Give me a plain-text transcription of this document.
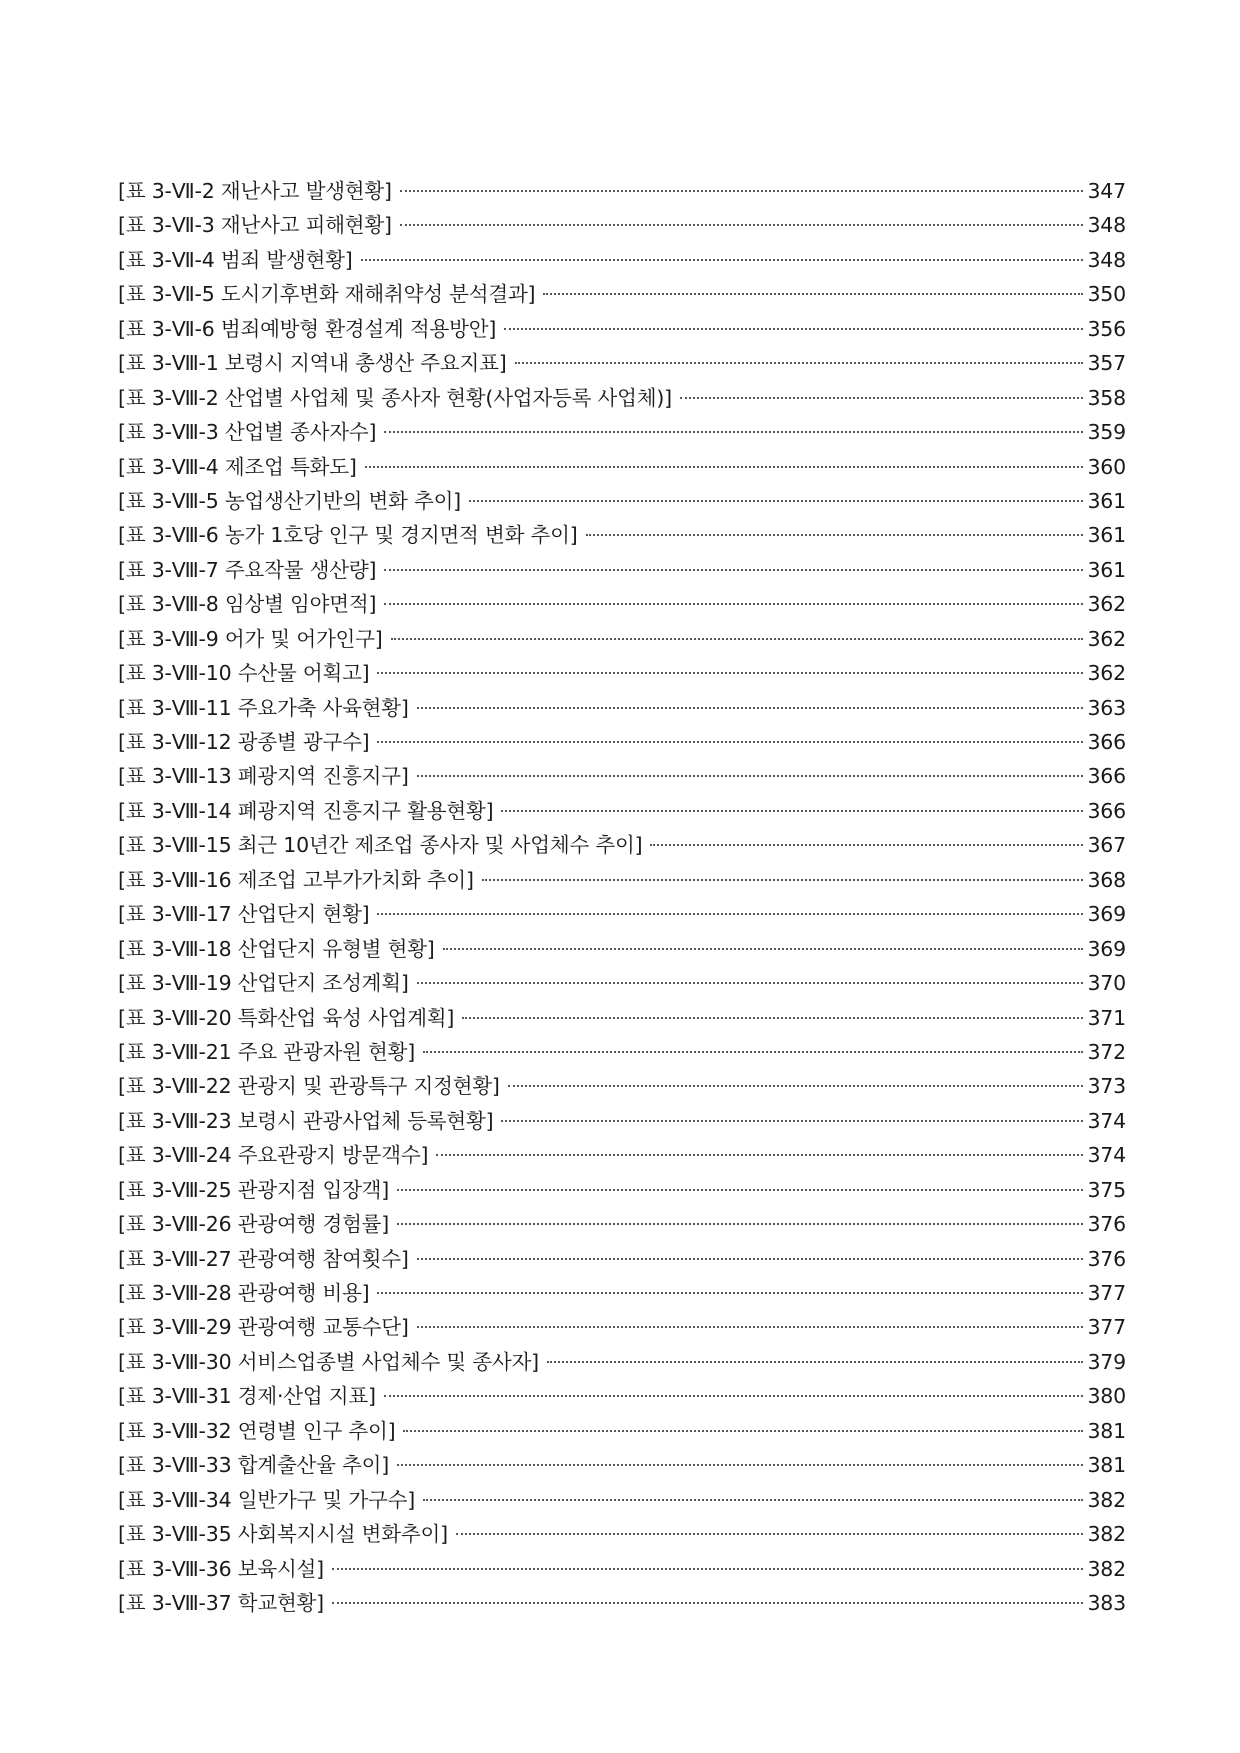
[표 3-Ⅶ-2 재난사고 발생현황]	347
[표 3-Ⅶ-3 재난사고 피해현황]	348
[표 3-Ⅶ-4 범죄 발생현황]	348
[표 3-Ⅶ-5 도시기후변화 재해취약성 분석결과]	350
[표 3-Ⅶ-6 범죄예방형 환경설계 적용방안]	356
[표 3-Ⅷ-1 보령시 지역내 총생산 주요지표]	357
[표 3-Ⅷ-2 산업별 사업체 및 종사자 현황(사업자등록 사업체)]	358
[표 3-Ⅷ-3 산업별 종사자수]	359
[표 3-Ⅷ-4 제조업 특화도]	360
[표 3-Ⅷ-5 농업생산기반의 변화 추이]	361
[표 3-Ⅷ-6 농가 1호당 인구 및 경지면적 변화 추이]	361
[표 3-Ⅷ-7 주요작물 생산량]	361
[표 3-Ⅷ-8 임상별 임야면적]	362
[표 3-Ⅷ-9 어가 및 어가인구]	362
[표 3-Ⅷ-10 수산물 어획고]	362
[표 3-Ⅷ-11 주요가축 사육현황]	363
[표 3-Ⅷ-12 광종별 광구수]	366
[표 3-Ⅷ-13 폐광지역 진흥지구]	366
[표 3-Ⅷ-14 폐광지역 진흥지구 활용현황]	366
[표 3-Ⅷ-15 최근 10년간 제조업 종사자 및 사업체수 추이]	367
[표 3-Ⅷ-16 제조업 고부가가치화 추이]	368
[표 3-Ⅷ-17 산업단지 현황]	369
[표 3-Ⅷ-18 산업단지 유형별 현황]	369
[표 3-Ⅷ-19 산업단지 조성계획]	370
[표 3-Ⅷ-20 특화산업 육성 사업계획]	371
[표 3-Ⅷ-21 주요 관광자원 현황]	372
[표 3-Ⅷ-22 관광지 및 관광특구 지정현황]	373
[표 3-Ⅷ-23 보령시 관광사업체 등록현황]	374
[표 3-Ⅷ-24 주요관광지 방문객수]	374
[표 3-Ⅷ-25 관광지점 입장객]	375
[표 3-Ⅷ-26 관광여행 경험률]	376
[표 3-Ⅷ-27 관광여행 참여횟수]	376
[표 3-Ⅷ-28 관광여행 비용]	377
[표 3-Ⅷ-29 관광여행 교통수단]	377
[표 3-Ⅷ-30 서비스업종별 사업체수 및 종사자]	379
[표 3-Ⅷ-31 경제·산업 지표]	380
[표 3-Ⅷ-32 연령별 인구 추이]	381
[표 3-Ⅷ-33 합계출산율 추이]	381
[표 3-Ⅷ-34 일반가구 및 가구수]	382
[표 3-Ⅷ-35 사회복지시설 변화추이]	382
[표 3-Ⅷ-36 보육시설]	382
[표 3-Ⅷ-37 학교현황]	383
